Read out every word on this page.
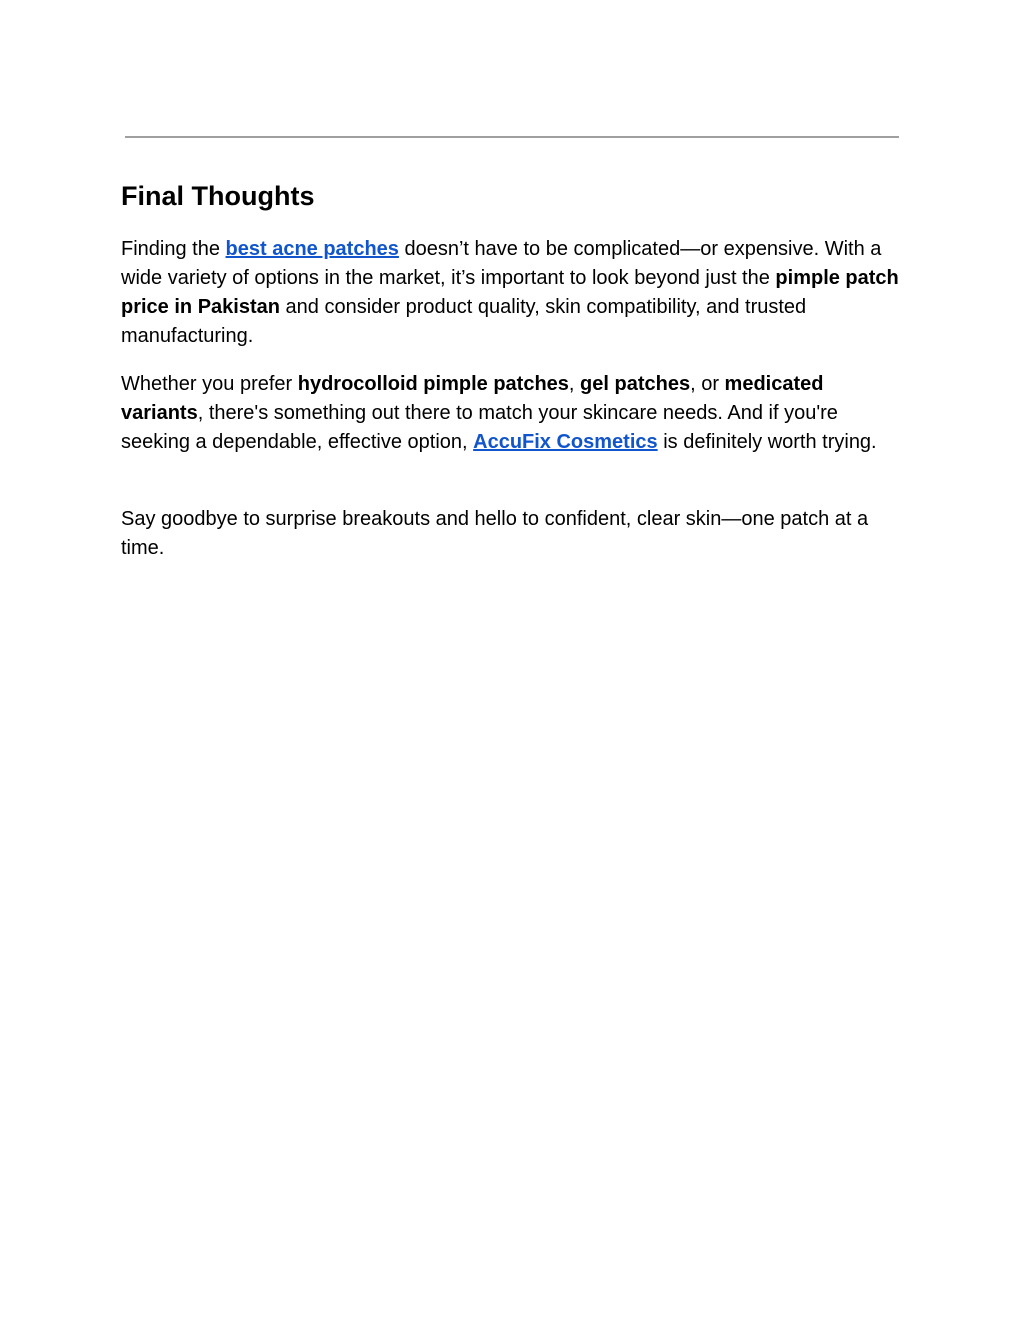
Final Thoughts

Finding the best acne patches doesn’t have to be complicated—or expensive. With a wide variety of options in the market, it’s important to look beyond just the pimple patch price in Pakistan and consider product quality, skin compatibility, and trusted manufacturing.

Whether you prefer hydrocolloid pimple patches, gel patches, or medicated variants, there's something out there to match your skincare needs. And if you're seeking a dependable, effective option, AccuFix Cosmetics is definitely worth trying.

Say goodbye to surprise breakouts and hello to confident, clear skin—one patch at a time.
